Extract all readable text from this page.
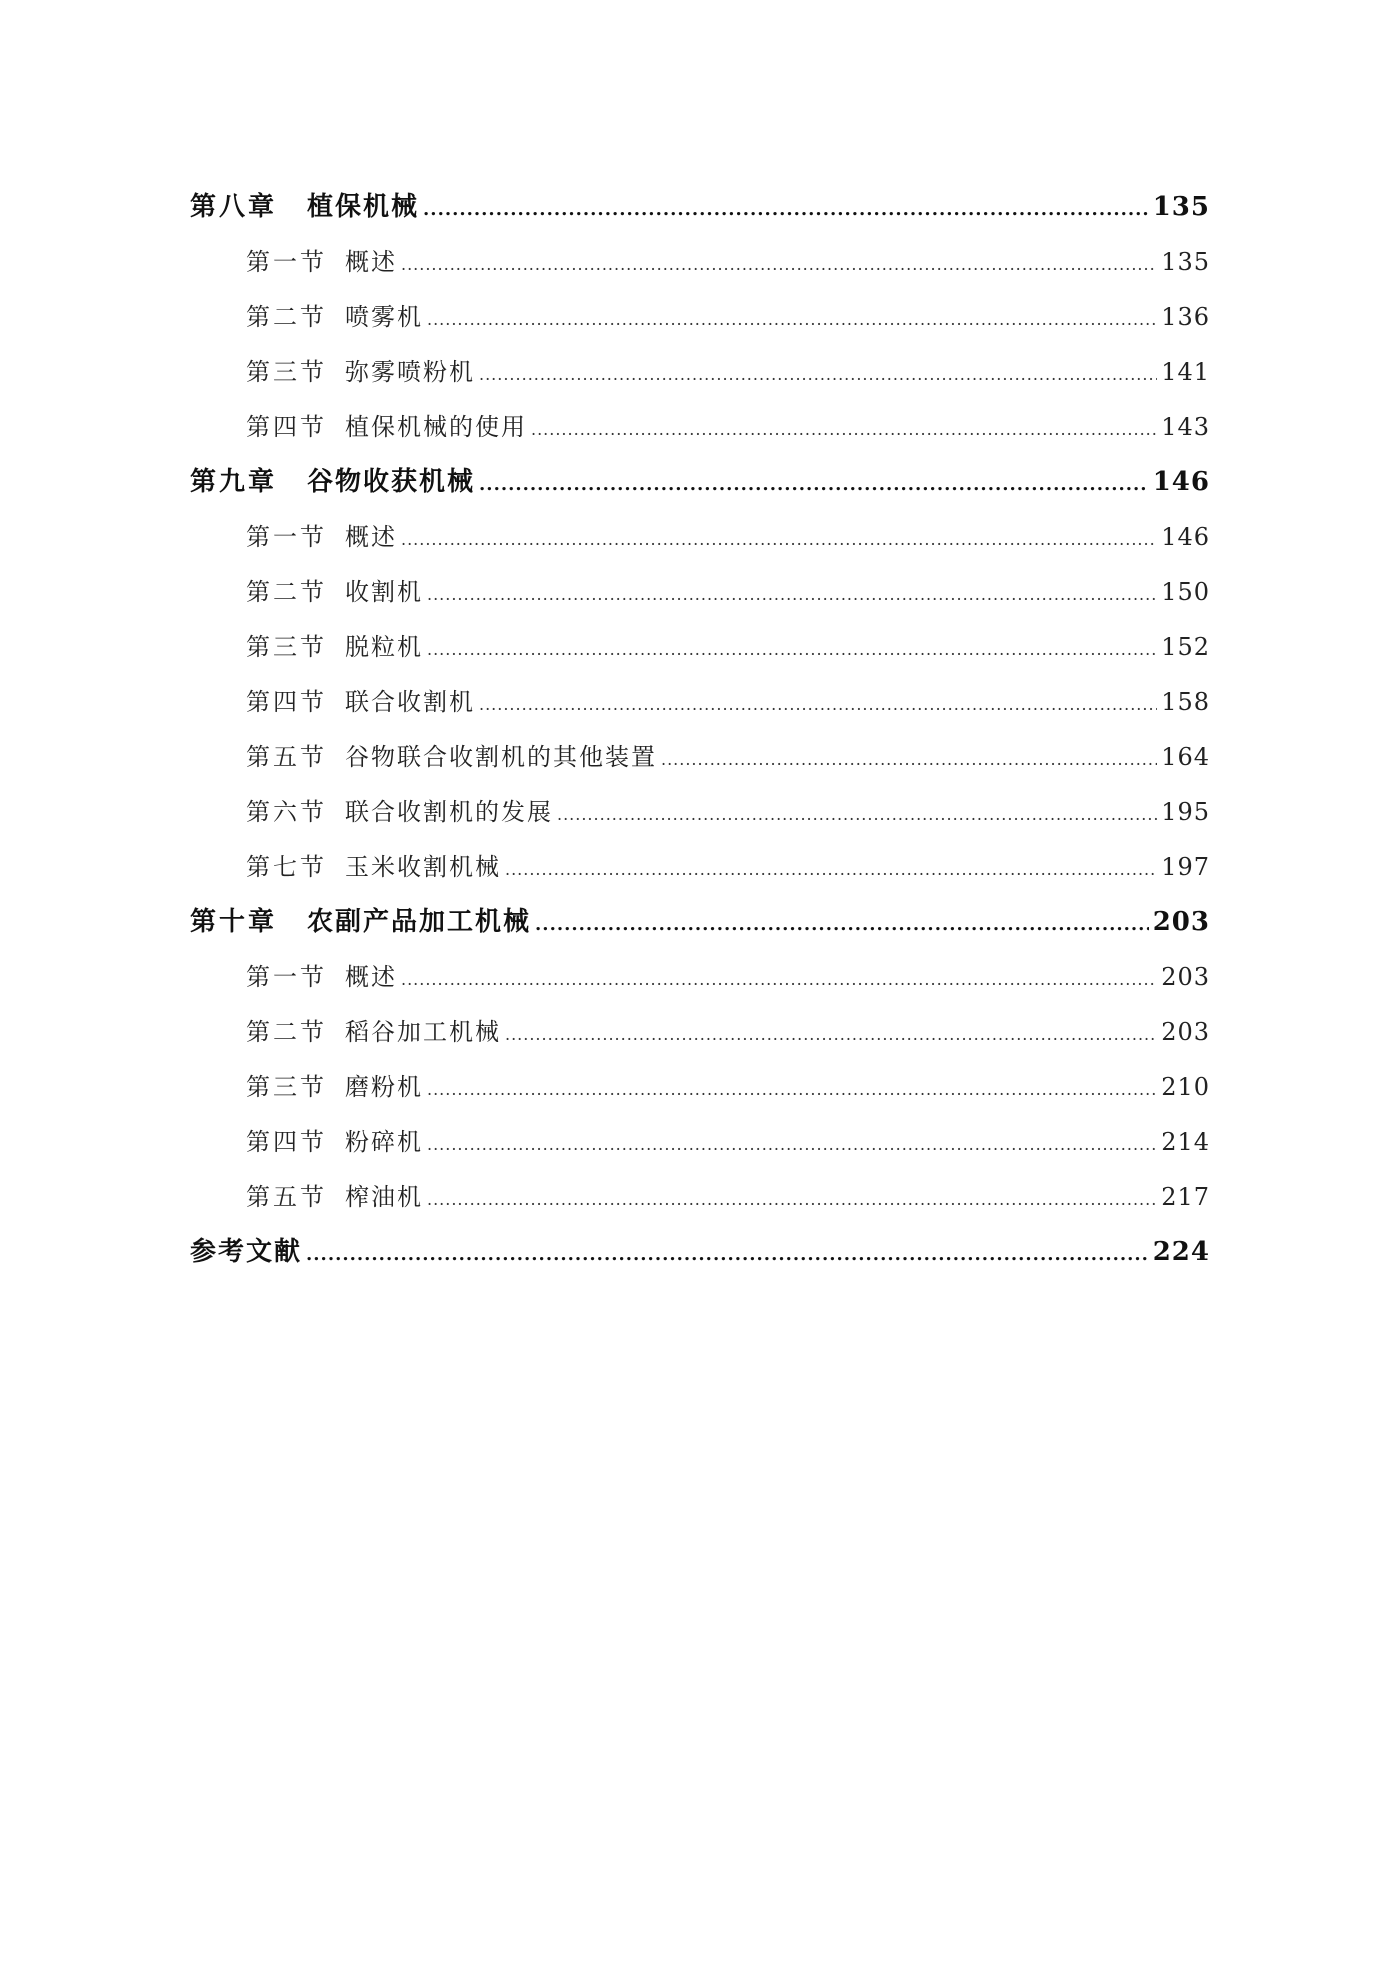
第八章 植保机械 .....	135
第一节 概述 .....	135
第二节 喷雾机 .....	136
第三节 弥雾喷粉机 .....	141
第四节 植保机械的使用 .....	143
第九章 谷物收获机械 .....	146
第一节 概述 .....	146
第二节 收割机 .....	150
第三节 脱粒机 .....	152
第四节 联合收割机 .....	158
第五节 谷物联合收割机的其他装置 .....	164
第六节 联合收割机的发展 .....	195
第七节 玉米收割机械 .....	197
第十章 农副产品加工机械 .....	203
第一节 概述 .....	203
第二节 稻谷加工机械 .....	203
第三节 磨粉机 .....	210
第四节 粉碎机 .....	214
第五节 榨油机 .....	217
参考文献 .....	224
